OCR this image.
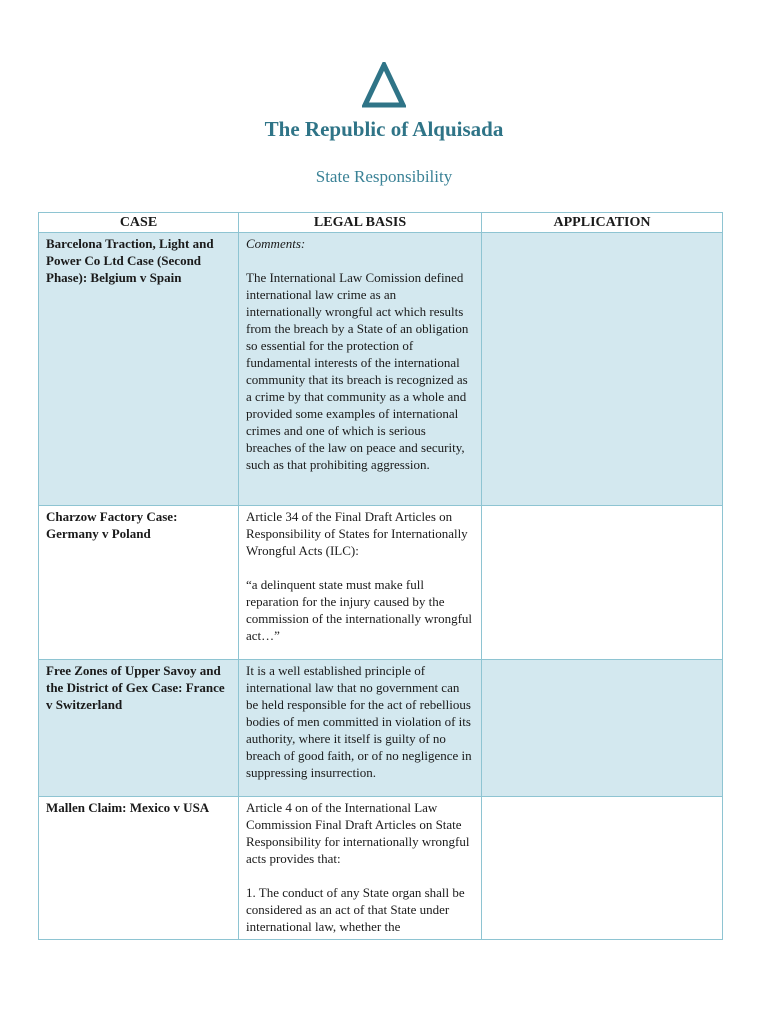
The Republic of Alquisada
State Responsibility
CASE	LEGAL BASIS	APPLICATION
Barcelona Traction, Light and Power Co Ltd Case (Second Phase): Belgium v Spain	Comments:

The International Law Comission defined international law crime as an internationally wrongful act which results from the breach by a State of an obligation so essential for the protection of fundamental interests of the international community that its breach is recognized as a crime by that community as a whole and provided some examples of international crimes and one of which is serious breaches of the law on peace and security, such as that prohibiting aggression.	

Charzow Factory Case: Germany v Poland	Article 34 of the Final Draft Articles on Responsibility of States for Internationally Wrongful Acts (ILC):

“a delinquent state must make full reparation for the injury caused by the commission of the internationally wrongful act…”	

Free Zones of Upper Savoy and the District of Gex Case: France v Switzerland	It is a well established principle of international law that no government can be held responsible for the act of rebellious bodies of men committed in violation of its authority, where it itself is guilty of no breach of good faith, or of no negligence in suppressing insurrection.	

Mallen Claim: Mexico v USA	Article 4 on of the International Law Commission Final Draft Articles on State Responsibility for internationally wrongful acts provides that:

1. The conduct of any State organ shall be considered as an act of that State under international law, whether the	
